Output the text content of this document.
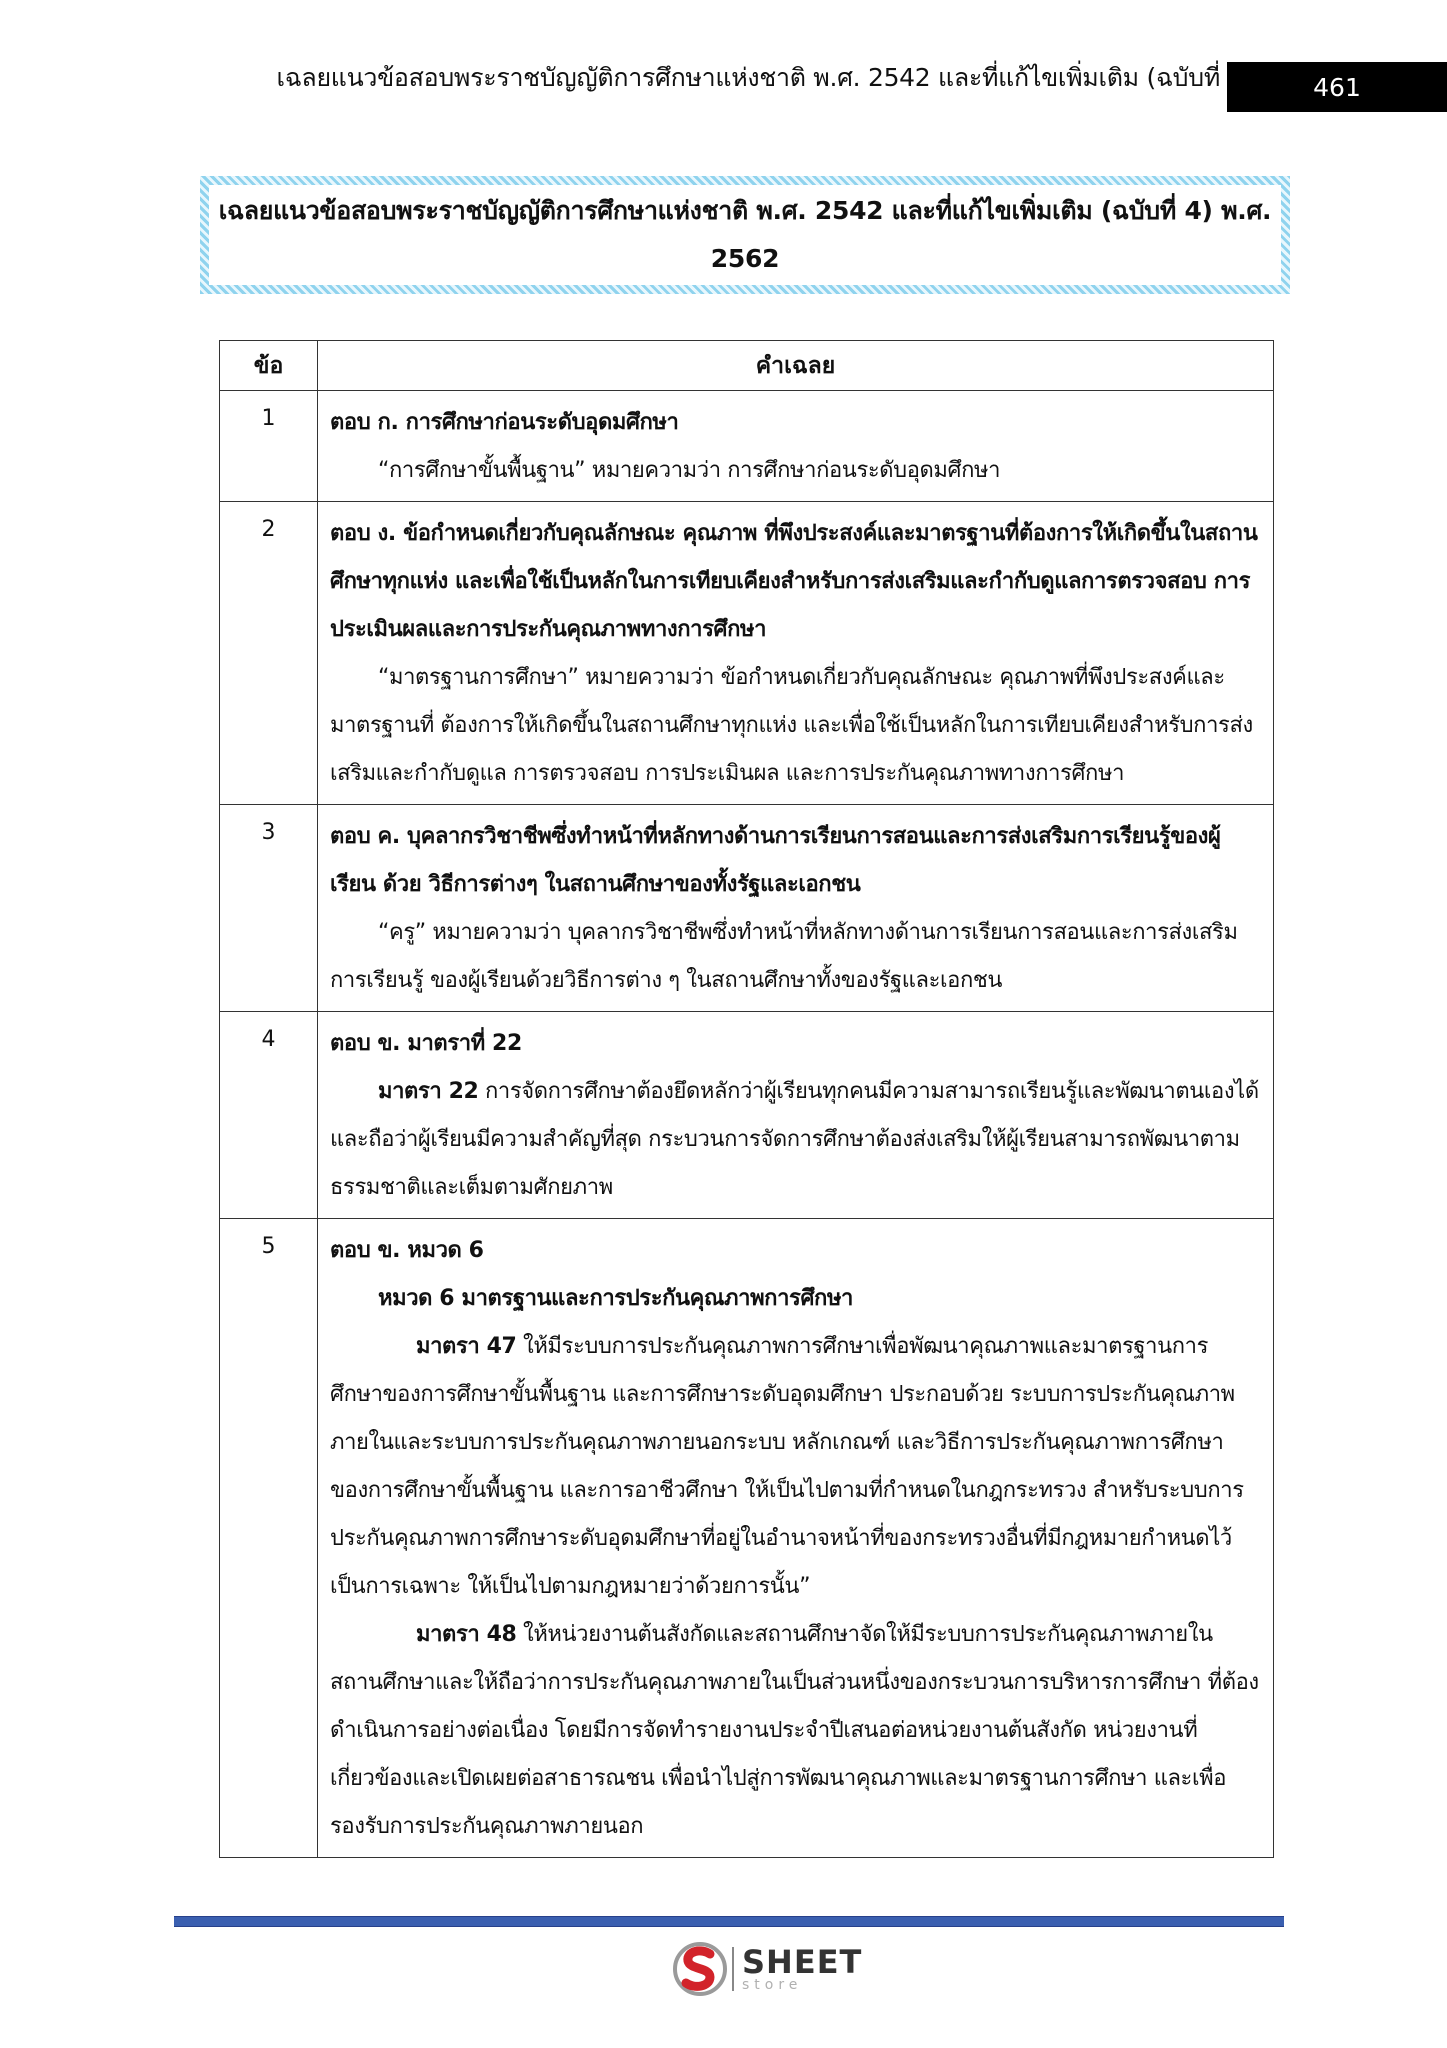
เฉลยแนวข้อสอบพระราชบัญญัติการศึกษาแห่งชาติ พ.ศ. 2542 และที่แก้ไขเพิ่มเติม (ฉบับที่	461
เฉลยแนวข้อสอบพระราชบัญญัติการศึกษาแห่งชาติ พ.ศ. 2542 และที่แก้ไขเพิ่มเติม (ฉบับที่ 4) พ.ศ.
2562
ข้อ	คำเฉลย
1	ตอบ ก. การศึกษาก่อนระดับอุดมศึกษา
“การศึกษาขั้นพื้นฐาน” หมายความว่า การศึกษาก่อนระดับอุดมศึกษา

2	ตอบ ง. ข้อกำหนดเกี่ยวกับคุณลักษณะ คุณภาพ ที่พึงประสงค์และมาตรฐานที่ต้องการให้เกิดขึ้นในสถานศึกษาทุกแห่ง และเพื่อใช้เป็นหลักในการเทียบเคียงสำหรับการส่งเสริมและกำกับดูแลการตรวจสอบ การประเมินผลและการประกันคุณภาพทางการศึกษา
“มาตรฐานการศึกษา” หมายความว่า ข้อกำหนดเกี่ยวกับคุณลักษณะ คุณภาพที่พึงประสงค์และมาตรฐานที่ ต้องการให้เกิดขึ้นในสถานศึกษาทุกแห่ง และเพื่อใช้เป็นหลักในการเทียบเคียงสำหรับการส่งเสริมและกำกับดูแล การตรวจสอบ การประเมินผล และการประกันคุณภาพทางการศึกษา

3	ตอบ ค. บุคลากรวิชาชีพซึ่งทำหน้าที่หลักทางด้านการเรียนการสอนและการส่งเสริมการเรียนรู้ของผู้เรียน ด้วย วิธีการต่างๆ ในสถานศึกษาของทั้งรัฐและเอกชน
“ครู” หมายความว่า บุคลากรวิชาชีพซึ่งทำหน้าที่หลักทางด้านการเรียนการสอนและการส่งเสริมการเรียนรู้ ของผู้เรียนด้วยวิธีการต่าง ๆ ในสถานศึกษาทั้งของรัฐและเอกชน

4	ตอบ ข. มาตราที่ 22
มาตรา 22 การจัดการศึกษาต้องยึดหลักว่าผู้เรียนทุกคนมีความสามารถเรียนรู้และพัฒนาตนเองได้ และถือว่าผู้เรียนมีความสำคัญที่สุด กระบวนการจัดการศึกษาต้องส่งเสริมให้ผู้เรียนสามารถพัฒนาตามธรรมชาติและเต็มตามศักยภาพ

5	ตอบ ข. หมวด 6
หมวด 6 มาตรฐานและการประกันคุณภาพการศึกษา
มาตรา 47 ให้มีระบบการประกันคุณภาพการศึกษาเพื่อพัฒนาคุณภาพและมาตรฐานการศึกษาของการศึกษาขั้นพื้นฐาน และการศึกษาระดับอุดมศึกษา ประกอบด้วย ระบบการประกันคุณภาพภายในและระบบการประกันคุณภาพภายนอกระบบ หลักเกณฑ์ และวิธีการประกันคุณภาพการศึกษาของการศึกษาขั้นพื้นฐาน และการอาชีวศึกษา ให้เป็นไปตามที่กำหนดในกฎกระทรวง สำหรับระบบการประกันคุณภาพการศึกษาระดับอุดมศึกษาที่อยู่ในอำนาจหน้าที่ของกระทรวงอื่นที่มีกฎหมายกำหนดไว้เป็นการเฉพาะ ให้เป็นไปตามกฎหมายว่าด้วยการนั้น”
มาตรา 48 ให้หน่วยงานต้นสังกัดและสถานศึกษาจัดให้มีระบบการประกันคุณภาพภายในสถานศึกษาและให้ถือว่าการประกันคุณภาพภายในเป็นส่วนหนึ่งของกระบวนการบริหารการศึกษา ที่ต้องดำเนินการอย่างต่อเนื่อง โดยมีการจัดทำรายงานประจำปีเสนอต่อหน่วยงานต้นสังกัด หน่วยงานที่เกี่ยวข้องและเปิดเผยต่อสาธารณชน เพื่อนำไปสู่การพัฒนาคุณภาพและมาตรฐานการศึกษา และเพื่อรองรับการประกันคุณภาพภายนอก
SHEET
store
